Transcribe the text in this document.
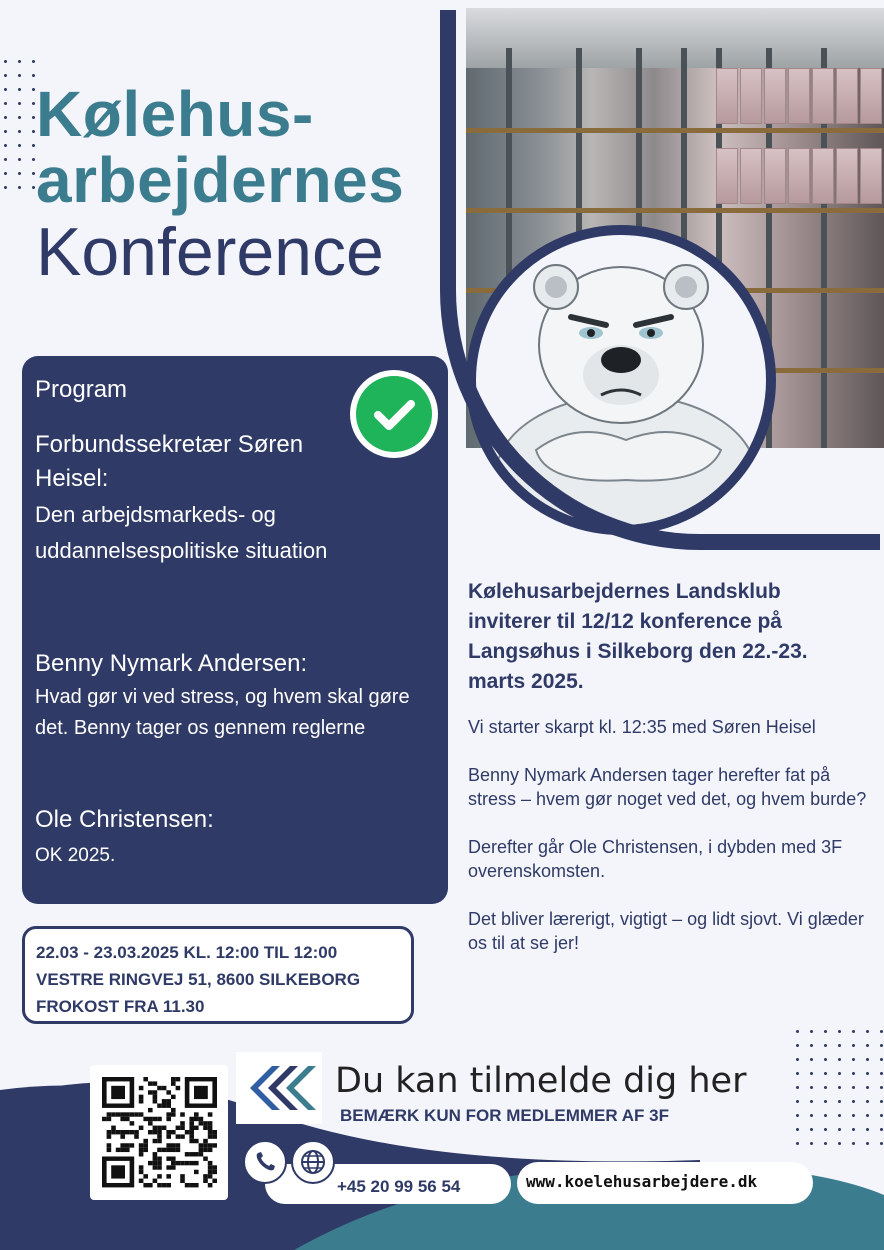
Kølehus-
arbejdernes
Konference
Program
Forbundssekretær Søren Heisel:
Den arbejdsmarkeds- og uddannelsespolitiske situation
Benny Nymark Andersen:
Hvad gør vi ved stress, og hvem skal gøre det. Benny tager os gennem reglerne
Ole Christensen:
OK 2025.
22.03 - 23.03.2025 KL. 12:00 TIL 12:00
VESTRE RINGVEJ 51, 8600 SILKEBORG
FROKOST FRA 11.30
Kølehusarbejdernes Landsklub inviterer til 12/12 konference på Langsøhus i Silkeborg den 22.-23. marts 2025.

Vi starter skarpt kl. 12:35 med Søren Heisel

Benny Nymark Andersen tager herefter fat på stress – hvem gør noget ved det, og hvem burde?

Derefter går Ole Christensen, i dybden med 3F overenskomsten.

Det bliver lærerigt, vigtigt – og lidt sjovt. Vi glæder os til at se jer!

Du kan tilmelde dig her
BEMÆRK KUN FOR MEDLEMMER AF 3F
+45 20 99 56 54	www.koelehusarbejdere.dk
